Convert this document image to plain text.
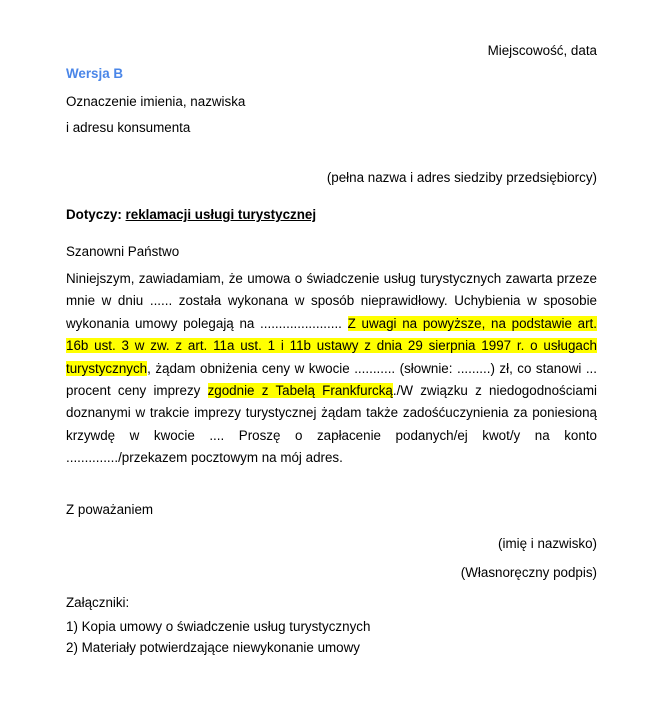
Miejscowość, data
Wersja B
Oznaczenie imienia, nazwiska
i adresu konsumenta
(pełna nazwa i adres siedziby przedsiębiorcy)
Dotyczy: reklamacji usługi turystycznej
Szanowni Państwo
Niniejszym, zawiadamiam, że umowa o świadczenie usług turystycznych zawarta przeze mnie w dniu ...... została wykonana w sposób nieprawidłowy. Uchybienia w sposobie wykonania umowy polegają na ...................... Z uwagi na powyższe, na podstawie art. 16b ust. 3 w zw. z art. 11a ust. 1 i 11b ustawy z dnia 29 sierpnia 1997 r. o usługach turystycznych, żądam obniżenia ceny w kwocie ........... (słownie: .........) zł, co stanowi ... procent ceny imprezy zgodnie z Tabelą Frankfurcką./W związku z niedogodnościami doznanymi w trakcie imprezy turystycznej żądam także zadośćuczynienia za poniesioną krzywdę w kwocie .... Proszę o zapłacenie podanych/ej kwot/y na konto ............../przekazem pocztowym na mój adres.
Z poważaniem
(imię i nazwisko)
(Własnoręczny podpis)
Załączniki:
1) Kopia umowy o świadczenie usług turystycznych
2) Materiały potwierdzające niewykonanie umowy
